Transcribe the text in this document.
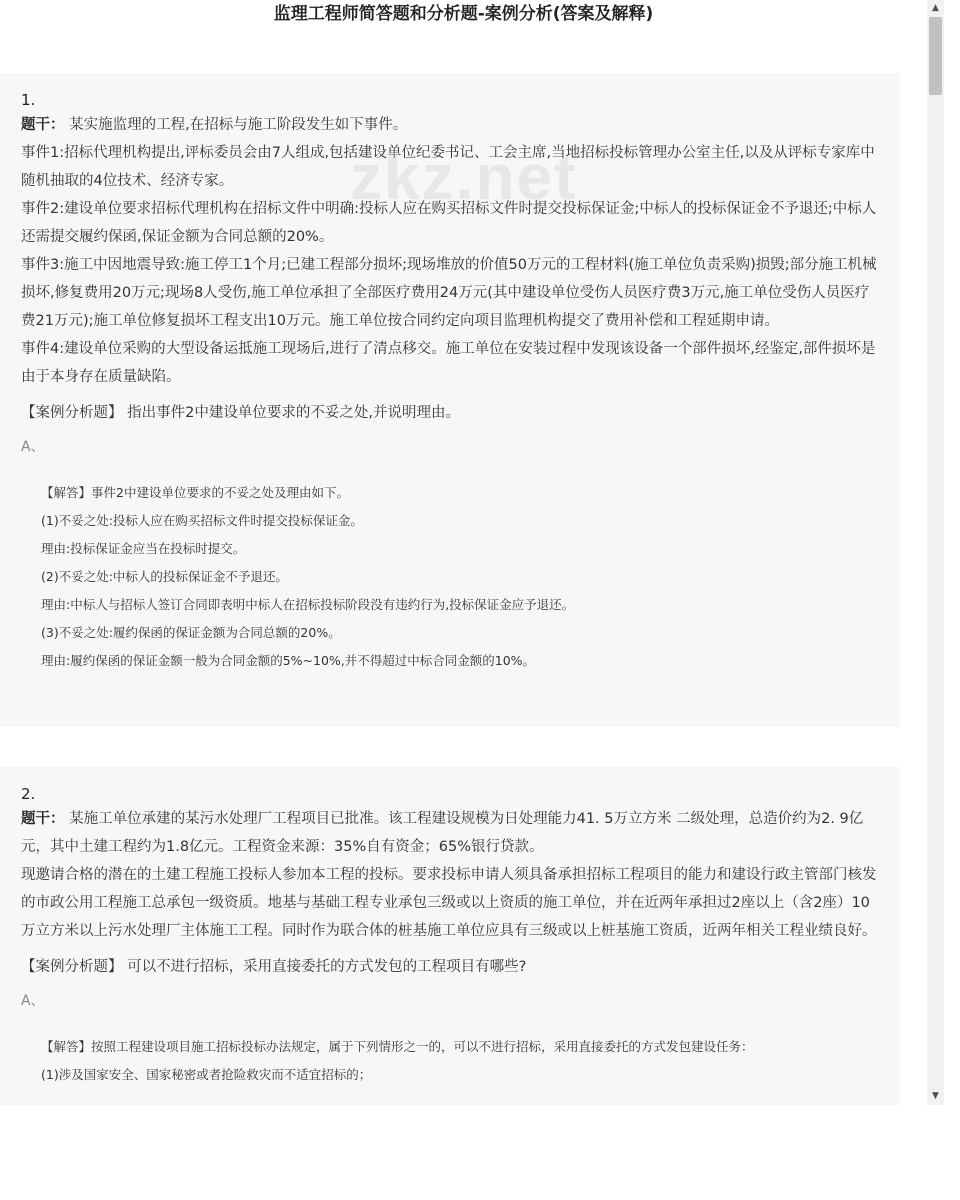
监理工程师简答题和分析题-案例分析(答案及解释)
1.

题干： 某实施监理的工程,在招标与施工阶段发生如下事件。

事件1:招标代理机构提出,评标委员会由7人组成,包括建设单位纪委书记、工会主席,当地招标投标管理办公室主任,以及从评标专家库中随机抽取的4位技术、经济专家。

事件2:建设单位要求招标代理机构在招标文件中明确:投标人应在购买招标文件时提交投标保证金;中标人的投标保证金不予退还;中标人还需提交履约保函,保证金额为合同总额的20%。

事件3:施工中因地震导致:施工停工1个月;已建工程部分损坏;现场堆放的价值50万元的工程材料(施工单位负责采购)损毁;部分施工机械损坏,修复费用20万元;现场8人受伤,施工单位承担了全部医疗费用24万元(其中建设单位受伤人员医疗费3万元,施工单位受伤人员医疗费21万元);施工单位修复损坏工程支出10万元。施工单位按合同约定向项目监理机构提交了费用补偿和工程延期申请。

事件4:建设单位采购的大型设备运抵施工现场后,进行了清点移交。施工单位在安装过程中发现该设备一个部件损坏,经鉴定,部件损坏是由于本身存在质量缺陷。

【案例分析题】 指出事件2中建设单位要求的不妥之处,并说明理由。
A、

【解答】事件2中建设单位要求的不妥之处及理由如下。

(1)不妥之处:投标人应在购买招标文件时提交投标保证金。

理由:投标保证金应当在投标时提交。

(2)不妥之处:中标人的投标保证金不予退还。

理由:中标人与招标人签订合同即表明中标人在招标投标阶段没有违约行为,投标保证金应予退还。

(3)不妥之处:履约保函的保证金额为合同总额的20%。

理由:履约保函的保证金额一般为合同金额的5%~10%,并不得超过中标合同金额的10%。

zkz.net
2.

题干： 某施工单位承建的某污水处理厂工程项目已批准。该工程建设规模为日处理能力41. 5万立方米 二级处理，总造价约为2. 9亿元，其中土建工程约为1.8亿元。工程资金来源：35%自有资金；65%银行贷款。

现邀请合格的潜在的土建工程施工投标人参加本工程的投标。要求投标申请人须具备承担招标工程项目的能力和建设行政主管部门核发的市政公用工程施工总承包一级资质。地基与基础工程专业承包三级或以上资质的施工单位，并在近两年承担过2座以上（含2座）10万立方米以上污水处理厂主体施工工程。同时作为联合体的桩基施工单位应具有三级或以上桩基施工资质，近两年相关工程业绩良好。

【案例分析题】 可以不进行招标，采用直接委托的方式发包的工程项目有哪些?
A、

【解答】按照工程建设项目施工招标投标办法规定，属于下列情形之一的，可以不进行招标，采用直接委托的方式发包建设任务：

(1)涉及国家安全、国家秘密或者抢险救灾而不适宜招标的；

▲
▼
